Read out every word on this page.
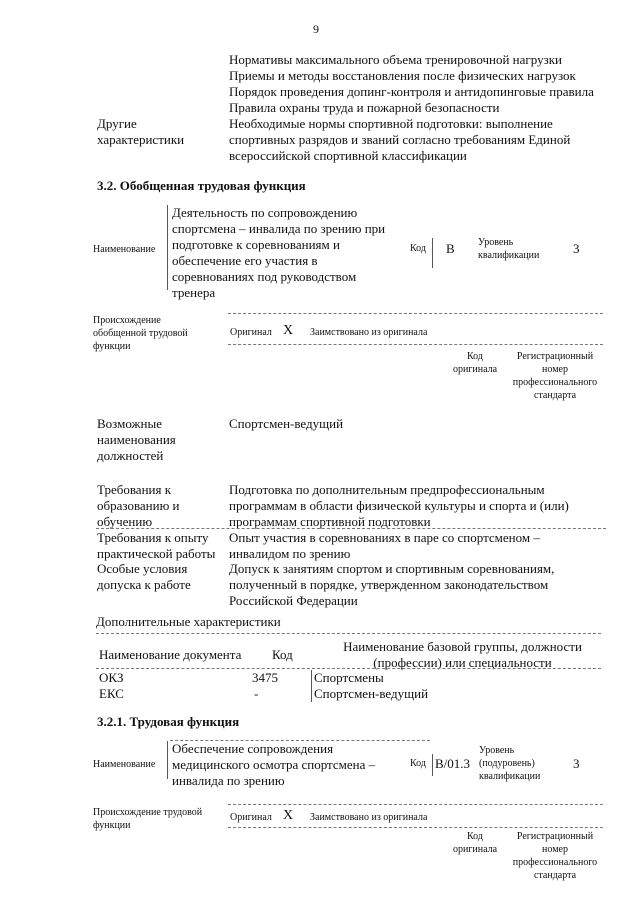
9
Нормативы максимального объема тренировочной нагрузки
Приемы и методы восстановления после физических нагрузок
Порядок проведения допинг-контроля и антидопинговые правила
Правила охраны труда и пожарной безопасности
Необходимые нормы спортивной подготовки: выполнение
спортивных разрядов и званий согласно требованиям Единой
всероссийской спортивной классификации
Другие
характеристики
3.2. Обобщенная трудовая функция
Наименование
Деятельность по сопровождению
спортсмена – инвалида по зрению при
подготовке к соревнованиям и
обеспечение его участия в
соревнованиях под руководством
тренера
Код B Уровень
квалификации	3
Происхождение
обобщенной трудовой
функции
Оригинал X Заимствовано из оригинала
Код
оригинала
Регистрационный
номер
профессионального
стандарта
Возможные
наименования
должностей
Спортсмен-ведущий
Требования к
образованию и
обучению
Подготовка по дополнительным предпрофессиональным
программам в области физической культуры и спорта и (или)
программам спортивной подготовки
Требования к опыту
практической работы
Опыт участия в соревнованиях в паре со спортсменом –
инвалидом по зрению
Особые условия
допуска к работе
Допуск к занятиям спортом и спортивным соревнованиям,
полученный в порядке, утвержденном законодательством
Российской Федерации
Дополнительные характеристики
Наименование документа Код
Наименование базовой группы, должности
(профессии) или специальности
ОКЗ
ЕКС
3475
-
Спортсмены
Спортсмен-ведущий
3.2.1. Трудовая функция
Наименование
Обеспечение сопровождения
медицинского осмотра спортсмена –
инвалида по зрению
Код B/01.3
Уровень
(подуровень)
квалификации
3
Происхождение трудовой
функции
Оригинал X Заимствовано из оригинала
Код
оригинала
Регистрационный
номер
профессионального
стандарта
